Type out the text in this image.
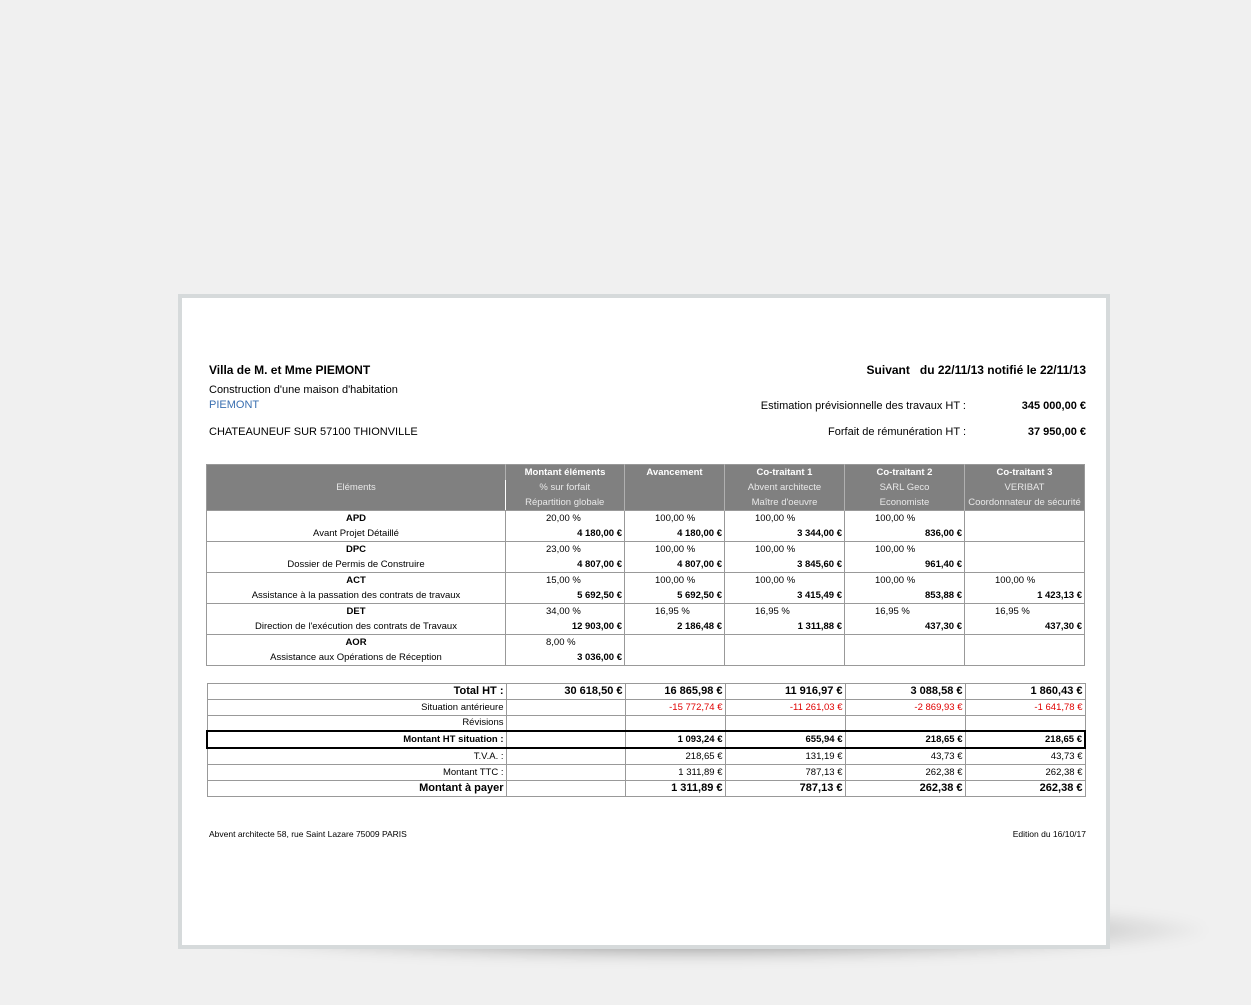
Villa de M. et Mme PIEMONT	Suivant du 22/11/13 notifié le 22/11/13
Construction d'une maison d'habitation
PIEMONT
CHATEAUNEUF SUR 57100 THIONVILLE
Estimation prévisionnelle des travaux HT :	345 000,00 €
Forfait de rémunération HT :	37 950,00 €
Eléments	Montant éléments	Avancement	Co-traitant 1	Co-traitant 2	Co-traitant 3
	% sur forfait		Abvent architecte	SARL Geco	VERIBAT
	Répartition globale		Maître d'oeuvre	Economiste	Coordonnateur de sécurité
APD	20,00 %	100,00 %	100,00 %	100,00 %	
Avant Projet Détaillé	4 180,00 €	4 180,00 €	3 344,00 €	836,00 €	
DPC	23,00 %	100,00 %	100,00 %	100,00 %	
Dossier de Permis de Construire	4 807,00 €	4 807,00 €	3 845,60 €	961,40 €	
ACT	15,00 %	100,00 %	100,00 %	100,00 %	100,00 %
Assistance à la passation des contrats de travaux	5 692,50 €	5 692,50 €	3 415,49 €	853,88 €	1 423,13 €
DET	34,00 %	16,95 %	16,95 %	16,95 %	16,95 %
Direction de l'exécution des contrats de Travaux	12 903,00 €	2 186,48 €	1 311,88 €	437,30 €	437,30 €
AOR	8,00 %				
Assistance aux Opérations de Réception	3 036,00 €				
Total HT :	30 618,50 €	16 865,98 €	11 916,97 €	3 088,58 €	1 860,43 €
Situation antérieure		-15 772,74 €	-11 261,03 €	-2 869,93 €	-1 641,78 €
Révisions					
Montant HT situation :		1 093,24 €	655,94 €	218,65 €	218,65 €
T.V.A. :		218,65 €	131,19 €	43,73 €	43,73 €
Montant TTC :		1 311,89 €	787,13 €	262,38 €	262,38 €
Montant à payer		1 311,89 €	787,13 €	262,38 €	262,38 €
Abvent architecte 58, rue Saint Lazare 75009 PARIS	Edition du 16/10/17
